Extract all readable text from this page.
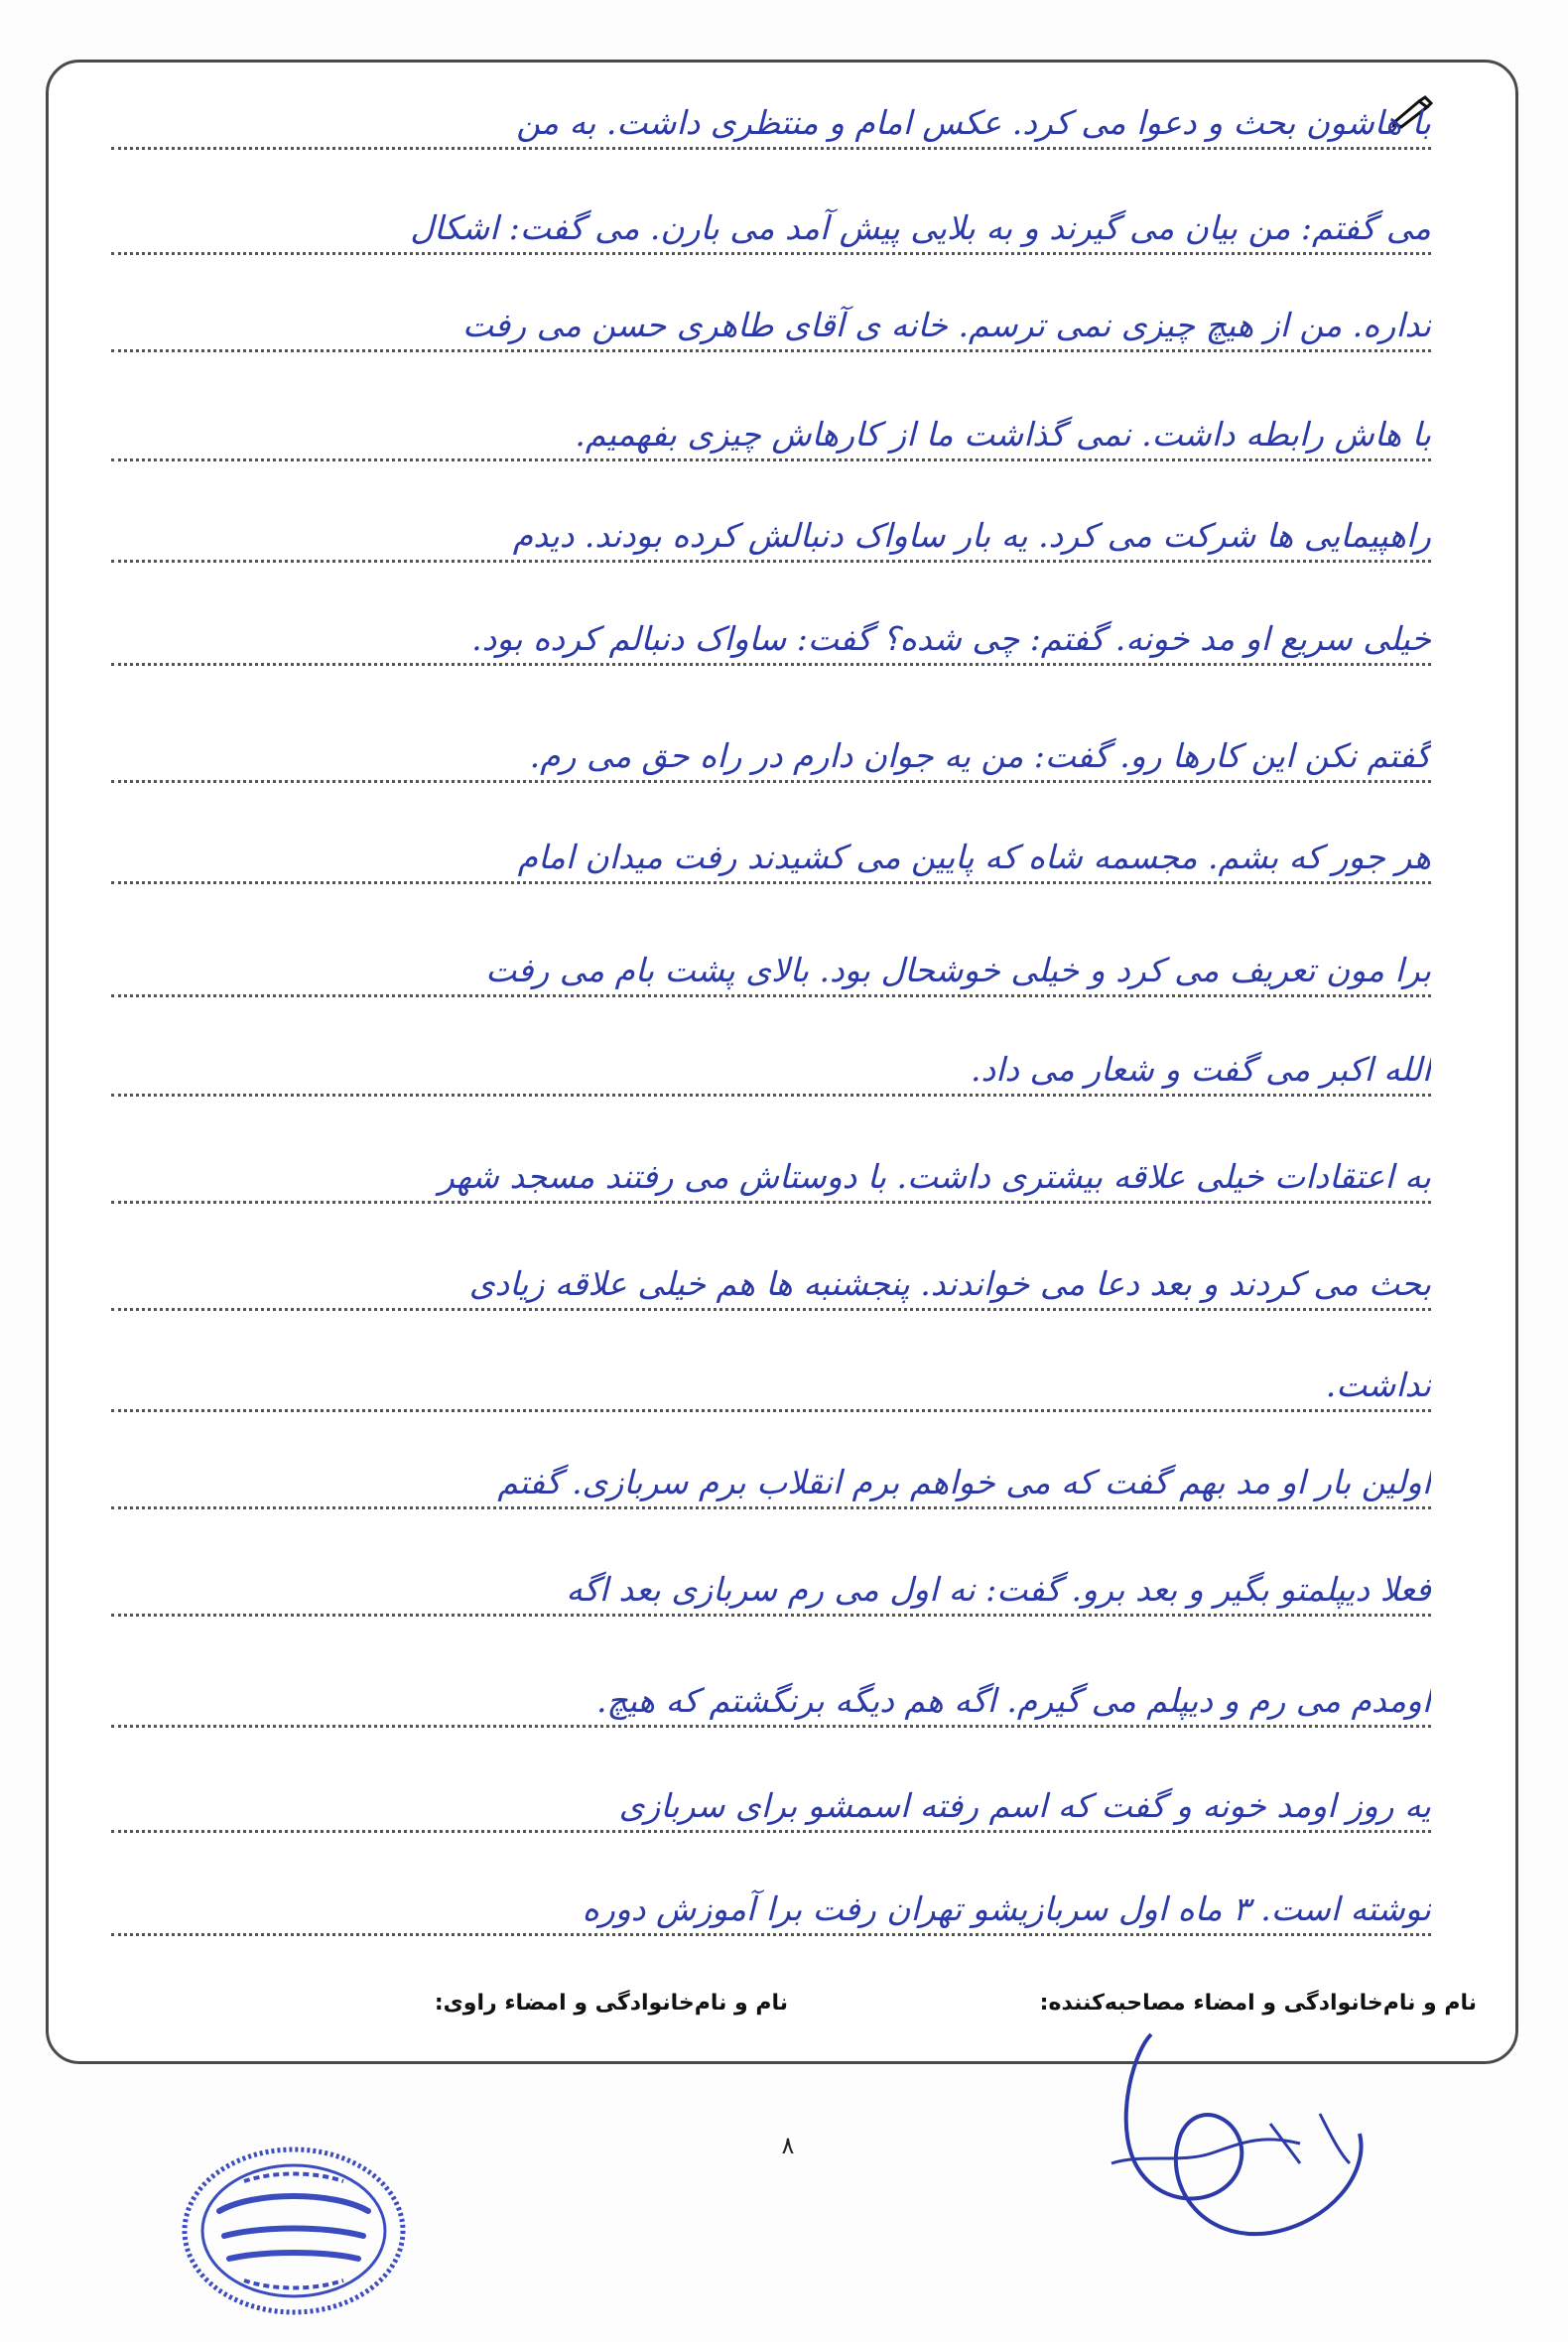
با هاشون بحث و دعوا می کرد. عکس امام و منتظری داشت. به من
می گفتم: من بیان می گیرند و به بلایی پیش آمد می بارن. می گفت: اشکال
نداره. من از هیچ چیزی نمی ترسم. خانه ی آقای طاهری حسن می رفت
با هاش رابطه داشت. نمی گذاشت ما از کارهاش چیزی بفهمیم.
راهپیمایی ها شرکت می کرد. یه بار ساواک دنبالش کرده بودند. دیدم
خیلی سریع او مد خونه. گفتم: چی شده؟ گفت: ساواک دنبالم کرده بود.
گفتم نکن این کارها رو. گفت: من یه جوان دارم در راه حق می رم.
هر جور که بشم. مجسمه شاه که پایین می کشیدند رفت میدان امام
برا مون تعریف می کرد و خیلی خوشحال بود. بالای پشت بام می رفت
الله اکبر می گفت و شعار می داد.
به اعتقادات خیلی علاقه بیشتری داشت. با دوستاش می رفتند مسجد شهر
بحث می کردند و بعد دعا می خواندند. پنجشنبه ها هم خیلی علاقه زیادی
نداشت.
اولین بار او مد بهم گفت که می خواهم برم انقلاب برم سربازی. گفتم
فعلا دیپلمتو بگیر و بعد برو. گفت: نه اول می رم سربازی بعد اگه
اومدم می رم و دیپلم می گیرم. اگه هم دیگه برنگشتم که هیچ.
یه روز اومد خونه و گفت که اسم رفته اسمشو برای سربازی
نوشته است. ۳ ماه اول سربازیشو تهران رفت برا آموزش دوره
نام و نام‌خانوادگی و امضاء مصاحبه‌کننده:
نام و نام‌خانوادگی و امضاء راوی:
۸
